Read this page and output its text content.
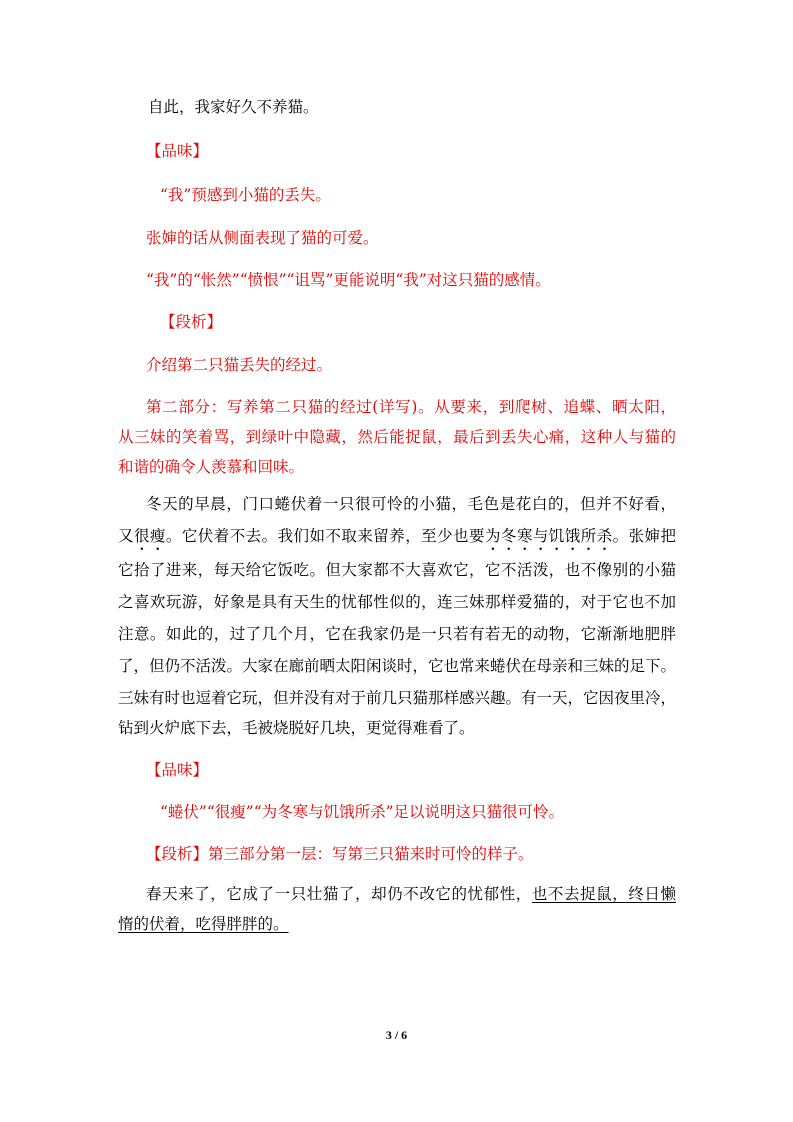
自此，我家好久不养猫。
【品味】
“我”预感到小猫的丢失。
张婶的话从侧面表现了猫的可爱。
“我”的“怅然”“愤恨”“诅骂”更能说明“我”对这只猫的感情。
【段析】
介绍第二只猫丢失的经过。
第二部分：写养第二只猫的经过(详写)。从要来，到爬树、追蝶、晒太阳，
从三妹的笑着骂，到绿叶中隐藏，然后能捉鼠，最后到丢失心痛，这种人与猫的
和谐的确令人羡慕和回味。
冬天的早晨，门口蜷伏着一只很可怜的小猫，毛色是花白的，但并不好看，
又很瘦。它伏着不去。我们如不取来留养，至少也要为冬寒与饥饿所杀。张婶把
它拾了进来，每天给它饭吃。但大家都不大喜欢它，它不活泼，也不像别的小猫
之喜欢玩游，好象是具有天生的忧郁性似的，连三妹那样爱猫的，对于它也不加
注意。如此的，过了几个月，它在我家仍是一只若有若无的动物，它渐渐地肥胖
了，但仍不活泼。大家在廊前晒太阳闲谈时，它也常来蜷伏在母亲和三妹的足下。
三妹有时也逗着它玩，但并没有对于前几只猫那样感兴趣。有一天，它因夜里冷，
钻到火炉底下去，毛被烧脱好几块，更觉得难看了。
【品味】
“蜷伏”“很瘦”“为冬寒与饥饿所杀”足以说明这只猫很可怜。
【段析】第三部分第一层：写第三只猫来时可怜的样子。
春天来了，它成了一只壮猫了，却仍不改它的忧郁性，也不去捉鼠，终日懒
惰的伏着，吃得胖胖的。
3 / 6
